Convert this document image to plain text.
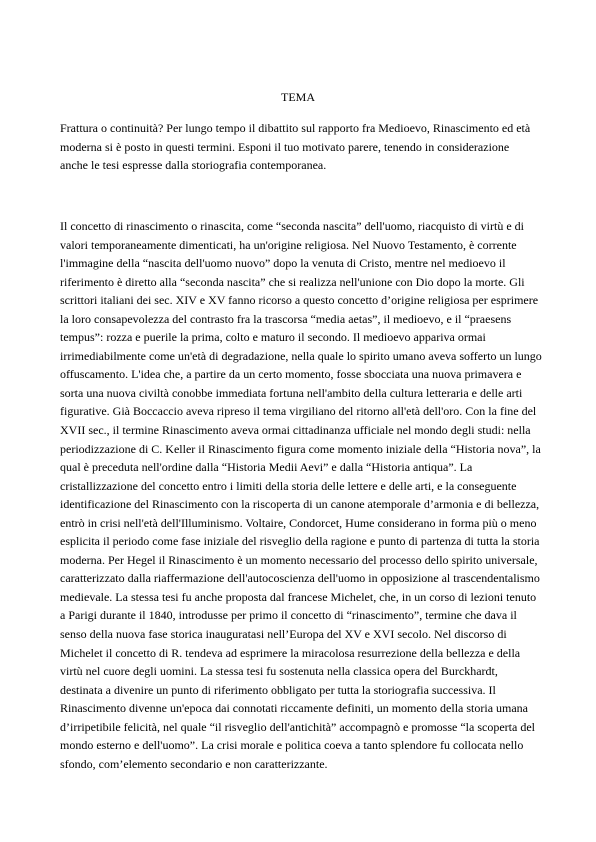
TEMA

Frattura o continuità? Per lungo tempo il dibattito sul rapporto fra Medioevo, Rinascimento ed età moderna si è posto in questi termini. Esponi il tuo motivato parere, tenendo in considerazione anche le tesi espresse dalla storiografia contemporanea.

Il concetto di rinascimento o rinascita, come “seconda nascita” dell'uomo, riacquisto di virtù e di valori temporaneamente dimenticati, ha un'origine religiosa. Nel Nuovo Testamento, è corrente l'immagine della “nascita dell'uomo nuovo” dopo la venuta di Cristo, mentre nel medioevo il riferimento è diretto alla “seconda nascita” che si realizza nell'unione con Dio dopo la morte. Gli scrittori italiani dei sec. XIV e XV fanno ricorso a questo concetto d’origine religiosa per esprimere la loro consapevolezza del contrasto fra la trascorsa “media aetas”, il medioevo, e il “praesens tempus”: rozza e puerile la prima, colto e maturo il secondo. Il medioevo appariva ormai irrimediabilmente come un'età di degradazione, nella quale lo spirito umano aveva sofferto un lungo offuscamento. L'idea che, a partire da un certo momento, fosse sbocciata una nuova primavera e sorta una nuova civiltà conobbe immediata fortuna nell'ambito della cultura letteraria e delle arti figurative. Già Boccaccio aveva ripreso il tema virgiliano del ritorno all'età dell'oro. Con la fine del XVII sec., il termine Rinascimento aveva ormai cittadinanza ufficiale nel mondo degli studi: nella periodizzazione di C. Keller il Rinascimento figura come momento iniziale della “Historia nova”, la qual è preceduta nell'ordine dalla “Historia Medii Aevi” e dalla “Historia antiqua”. La cristallizzazione del concetto entro i limiti della storia delle lettere e delle arti, e la conseguente identificazione del Rinascimento con la riscoperta di un canone atemporale d’armonia e di bellezza, entrò in crisi nell'età dell'Illuminismo. Voltaire, Condorcet, Hume considerano in forma più o meno esplicita il periodo come fase iniziale del risveglio della ragione e punto di partenza di tutta la storia moderna. Per Hegel il Rinascimento è un momento necessario del processo dello spirito universale, caratterizzato dalla riaffermazione dell'autocoscienza dell'uomo in opposizione al trascendentalismo medievale. La stessa tesi fu anche proposta dal francese Michelet, che, in un corso di lezioni tenuto a Parigi durante il 1840, introdusse per primo il concetto di “rinascimento”, termine che dava il senso della nuova fase storica inauguratasi nell’Europa del XV e XVI secolo. Nel discorso di Michelet il concetto di R. tendeva ad esprimere la miracolosa resurrezione della bellezza e della virtù nel cuore degli uomini. La stessa tesi fu sostenuta nella classica opera del Burckhardt, destinata a divenire un punto di riferimento obbligato per tutta la storiografia successiva. Il Rinascimento divenne un'epoca dai connotati riccamente definiti, un momento della storia umana d’irripetibile felicità, nel quale “il risveglio dell'antichità” accompagnò e promosse “la scoperta del mondo esterno e dell'uomo”. La crisi morale e politica coeva a tanto splendore fu collocata nello sfondo, com’elemento secondario e non caratterizzante.
